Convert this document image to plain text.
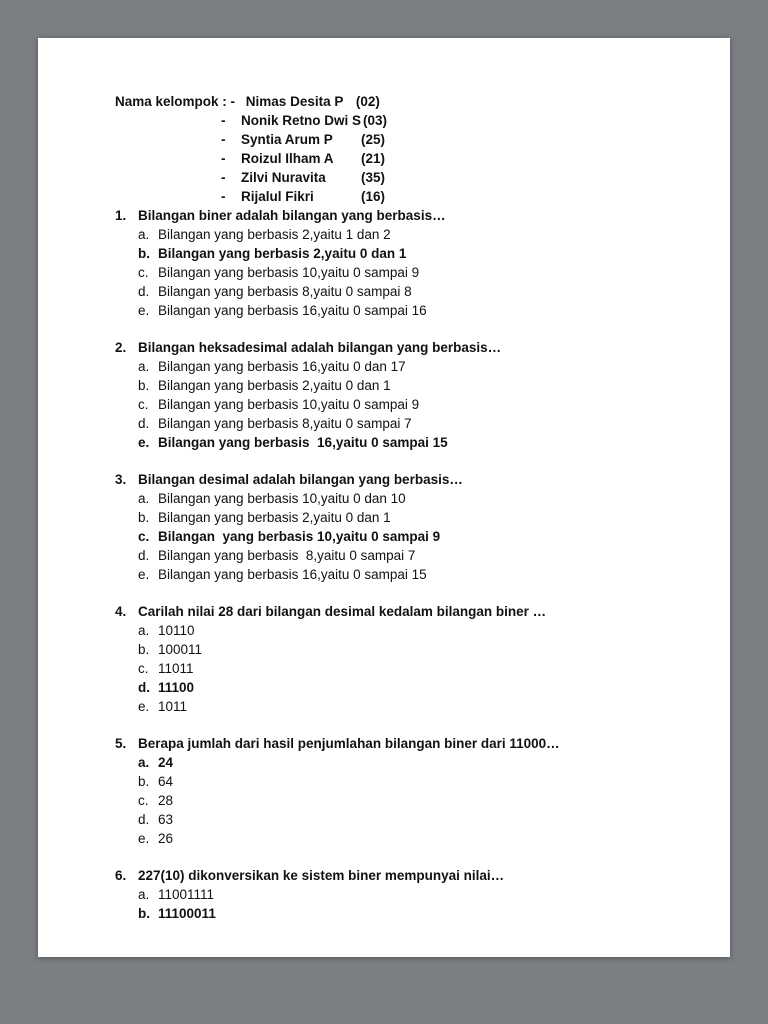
Nama kelompok : - Nimas Desita P (02)
-	Nonik Retno Dwi S (03)
-	Syntia Arum P	(25)
-	Roizul Ilham A	(21)
-	Zilvi Nuravita	(35)
-	Rijalul Fikri	(16)
1. Bilangan biner adalah bilangan yang berbasis…
a. Bilangan yang berbasis 2,yaitu 1 dan 2
b. Bilangan yang berbasis 2,yaitu 0 dan 1
c. Bilangan yang berbasis 10,yaitu 0 sampai 9
d. Bilangan yang berbasis 8,yaitu 0 sampai 8
e. Bilangan yang berbasis 16,yaitu 0 sampai 16
2. Bilangan heksadesimal adalah bilangan yang berbasis…
a. Bilangan yang berbasis 16,yaitu 0 dan 17
b. Bilangan yang berbasis 2,yaitu 0 dan 1
c. Bilangan yang berbasis 10,yaitu 0 sampai 9
d. Bilangan yang berbasis 8,yaitu 0 sampai 7
e. Bilangan yang berbasis  16,yaitu 0 sampai 15
3. Bilangan desimal adalah bilangan yang berbasis…
a. Bilangan yang berbasis 10,yaitu 0 dan 10
b. Bilangan yang berbasis 2,yaitu 0 dan 1
c. Bilangan  yang berbasis 10,yaitu 0 sampai 9
d. Bilangan yang berbasis  8,yaitu 0 sampai 7
e. Bilangan yang berbasis 16,yaitu 0 sampai 15
4. Carilah nilai 28 dari bilangan desimal kedalam bilangan biner …
a. 10110
b. 100011
c. 11011
d. 11100
e. 1011
5. Berapa jumlah dari hasil penjumlahan bilangan biner dari 11000…
a. 24
b. 64
c. 28
d. 63
e. 26
6. 227(10) dikonversikan ke sistem biner mempunyai nilai…
a. 11001111
b. 11100011
